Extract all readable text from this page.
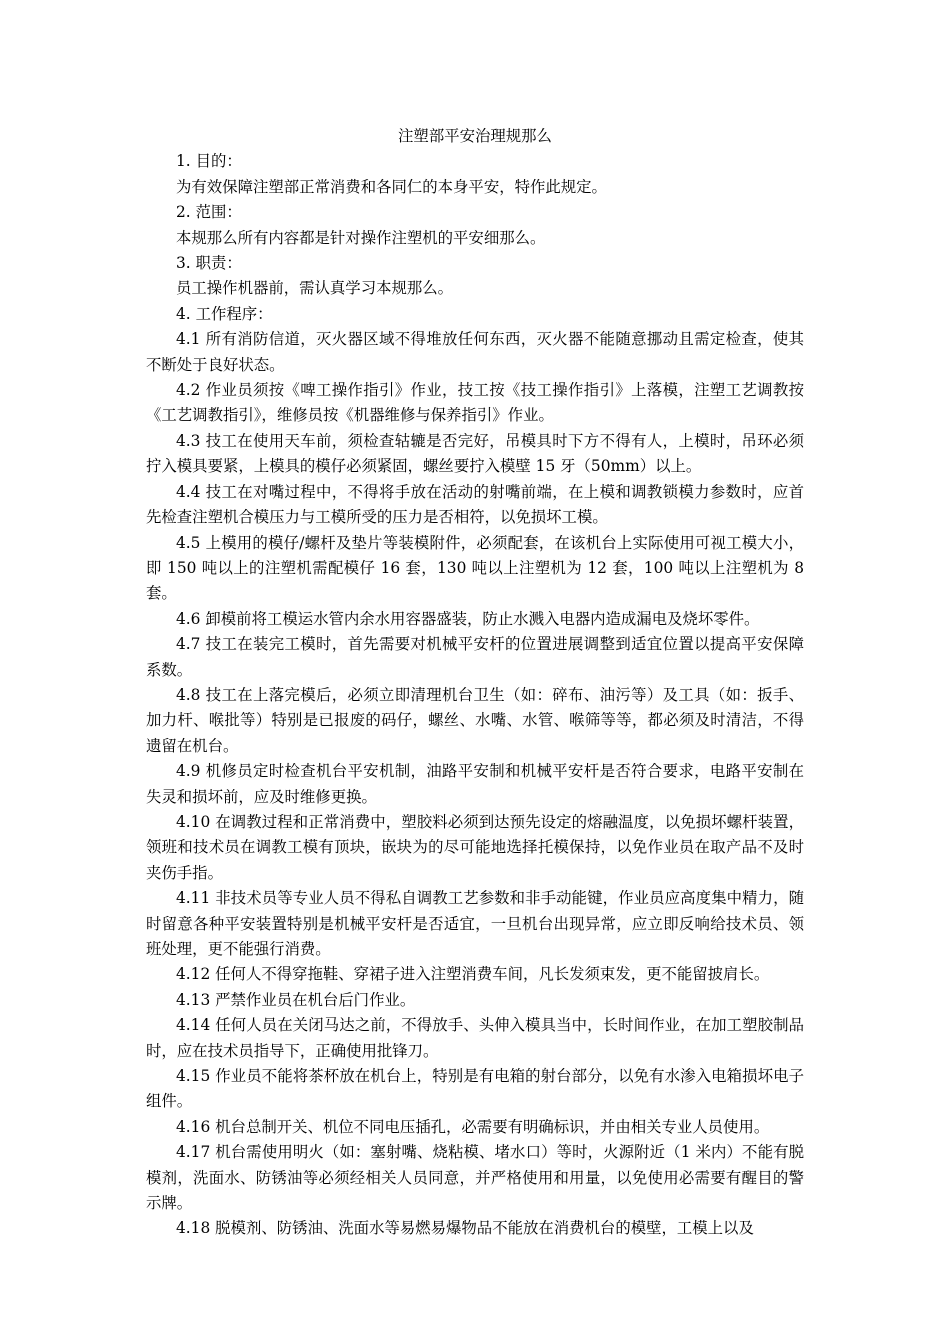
注塑部平安治理规那么

1. 目的：

为有效保障注塑部正常消费和各同仁的本身平安，特作此规定。

2. 范围：

本规那么所有内容都是针对操作注塑机的平安细那么。

3. 职责：

员工操作机器前，需认真学习本规那么。

4. 工作程序：

4.1 所有消防信道，灭火器区域不得堆放任何东西，灭火器不能随意挪动且需定检查，使其不断处于良好状态。

4.2 作业员须按《啤工操作指引》作业，技工按《技工操作指引》上落模，注塑工艺调教按《工艺调教指引》，维修员按《机器维修与保养指引》作业。

4.3 技工在使用天车前，须检查轱辘是否完好，吊模具时下方不得有人，上模时，吊环必须拧入模具要紧，上模具的模仔必须紧固，螺丝要拧入模壁 15 牙（50mm）以上。

4.4 技工在对嘴过程中，不得将手放在活动的射嘴前端，在上模和调教锁模力参数时，应首先检查注塑机合模压力与工模所受的压力是否相符，以免损坏工模。

4.5 上模用的模仔/螺杆及垫片等装模附件，必须配套，在该机台上实际使用可视工模大小，即 150 吨以上的注塑机需配模仔 16 套，130 吨以上注塑机为 12 套，100 吨以上注塑机为 8 套。

4.6 卸模前将工模运水管内余水用容器盛装，防止水溅入电器内造成漏电及烧坏零件。

4.7 技工在装完工模时，首先需要对机械平安杆的位置进展调整到适宜位置以提高平安保障系数。

4.8 技工在上落完模后，必须立即清理机台卫生（如：碎布、油污等）及工具（如：扳手、加力杆、喉批等）特别是已报废的码仔，螺丝、水嘴、水管、喉筛等等，都必须及时清洁，不得遗留在机台。

4.9 机修员定时检查机台平安机制，油路平安制和机械平安杆是否符合要求，电路平安制在失灵和损坏前，应及时维修更换。

4.10 在调教过程和正常消费中，塑胶料必须到达预先设定的熔融温度，以免损坏螺杆装置，领班和技术员在调教工模有顶块，嵌块为的尽可能地选择托模保持，以免作业员在取产品不及时夹伤手指。

4.11 非技术员等专业人员不得私自调教工艺参数和非手动能键，作业员应高度集中精力，随时留意各种平安装置特别是机械平安杆是否适宜，一旦机台出现异常，应立即反响给技术员、领班处理，更不能强行消费。

4.12 任何人不得穿拖鞋、穿裙子进入注塑消费车间，凡长发须束发，更不能留披肩长。

4.13 严禁作业员在机台后门作业。

4.14 任何人员在关闭马达之前，不得放手、头伸入模具当中，长时间作业，在加工塑胶制品时，应在技术员指导下，正确使用批锋刀。

4.15 作业员不能将茶杯放在机台上，特别是有电箱的射台部分，以免有水渗入电箱损坏电子组件。

4.16 机台总制开关、机位不同电压插孔，必需要有明确标识，并由相关专业人员使用。

4.17 机台需使用明火（如：塞射嘴、烧粘模、堵水口）等时，火源附近（1 米内）不能有脱模剂，洗面水、防锈油等必须经相关人员同意，并严格使用和用量，以免使用必需要有醒目的警示牌。

4.18 脱模剂、防锈油、洗面水等易燃易爆物品不能放在消费机台的模壁，工模上以及
